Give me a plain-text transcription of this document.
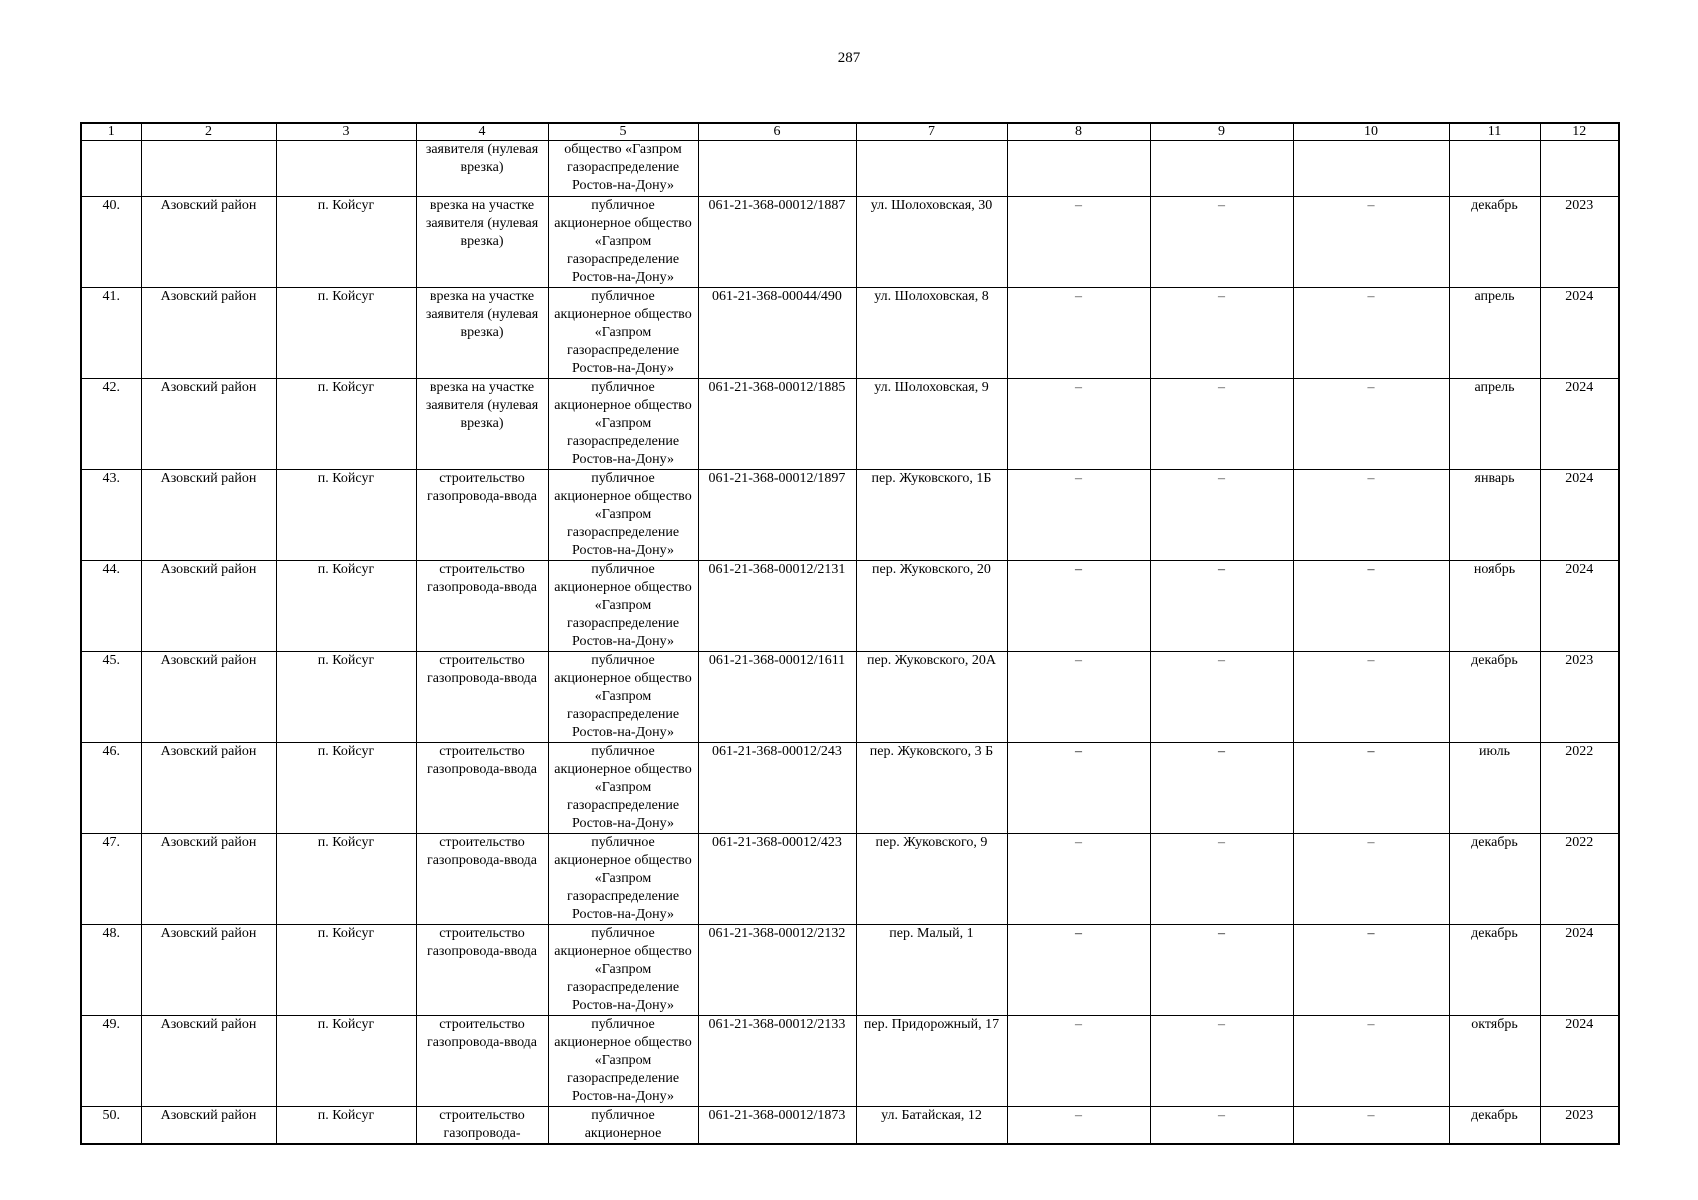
287
1	2	3	4	5	6	7	8	9	10	11	12
			заявителя (нулевая врезка)	общество «Газпром газораспределение Ростов-на-Дону»							
40.	Азовский район	п. Койсуг	врезка на участке заявителя (нулевая врезка)	публичное акционерное общество «Газпром газораспределение Ростов-на-Дону»	061-21-368-00012/1887	ул. Шолоховская, 30	–	–	–	декабрь	2023
41.	Азовский район	п. Койсуг	врезка на участке заявителя (нулевая врезка)	публичное акционерное общество «Газпром газораспределение Ростов-на-Дону»	061-21-368-00044/490	ул. Шолоховская, 8	–	–	–	апрель	2024
42.	Азовский район	п. Койсуг	врезка на участке заявителя (нулевая врезка)	публичное акционерное общество «Газпром газораспределение Ростов-на-Дону»	061-21-368-00012/1885	ул. Шолоховская, 9	–	–	–	апрель	2024
43.	Азовский район	п. Койсуг	строительство газопровода-ввода	публичное акционерное общество «Газпром газораспределение Ростов-на-Дону»	061-21-368-00012/1897	пер. Жуковского, 1Б	–	–	–	январь	2024
44.	Азовский район	п. Койсуг	строительство газопровода-ввода	публичное акционерное общество «Газпром газораспределение Ростов-на-Дону»	061-21-368-00012/2131	пер. Жуковского, 20	–	–	–	ноябрь	2024
45.	Азовский район	п. Койсуг	строительство газопровода-ввода	публичное акционерное общество «Газпром газораспределение Ростов-на-Дону»	061-21-368-00012/1611	пер. Жуковского, 20А	–	–	–	декабрь	2023
46.	Азовский район	п. Койсуг	строительство газопровода-ввода	публичное акционерное общество «Газпром газораспределение Ростов-на-Дону»	061-21-368-00012/243	пер. Жуковского, 3 Б	–	–	–	июль	2022
47.	Азовский район	п. Койсуг	строительство газопровода-ввода	публичное акционерное общество «Газпром газораспределение Ростов-на-Дону»	061-21-368-00012/423	пер. Жуковского, 9	–	–	–	декабрь	2022
48.	Азовский район	п. Койсуг	строительство газопровода-ввода	публичное акционерное общество «Газпром газораспределение Ростов-на-Дону»	061-21-368-00012/2132	пер. Малый, 1	–	–	–	декабрь	2024
49.	Азовский район	п. Койсуг	строительство газопровода-ввода	публичное акционерное общество «Газпром газораспределение Ростов-на-Дону»	061-21-368-00012/2133	пер. Придорожный, 17	–	–	–	октябрь	2024
50.	Азовский район	п. Койсуг	строительство газопровода-	публичное акционерное	061-21-368-00012/1873	ул. Батайская, 12	–	–	–	декабрь	2023
